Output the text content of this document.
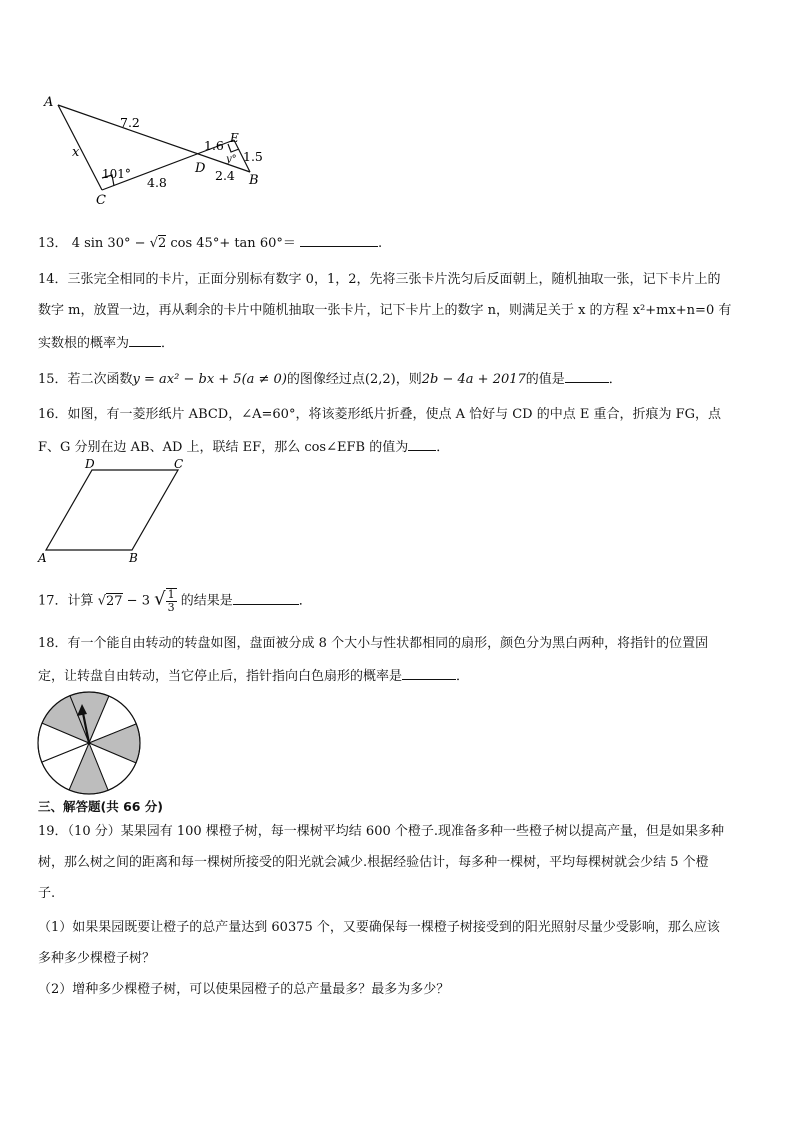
A
C
D
E
B
x
7.2
101°
4.8
1.6
2.4
1.5
y°
13． 4 sin 30° − √2 cos 45°+ tan 60°＝	.
14．三张完全相同的卡片，正面分别标有数字 0，1，2，先将三张卡片洗匀后反面朝上，随机抽取一张，记下卡片上的
数字 m，放置一边，再从剩余的卡片中随机抽取一张卡片，记下卡片上的数字 n，则满足关于 x 的方程 x²+mx+n=0 有
实数根的概率为 ．
15．若二次函数y = ax² − bx + 5(a ≠ 0)的图像经过点(2,2)，则2b − 4a + 2017的值是	．
16．如图，有一菱形纸片 ABCD，∠A=60°，将该菱形纸片折叠，使点 A 恰好与 CD 的中点 E 重合，折痕为 FG，点
F、G 分别在边 AB、AD 上，联结 EF，那么 cos∠EFB 的值为 ．
A	B
C
D
17．计算 √27 − 3 √ $\frac{1}{3}$ 的结果是	．
18．有一个能自由转动的转盘如图，盘面被分成 8 个大小与性状都相同的扇形，颜色分为黑白两种，将指针的位置固
定，让转盘自由转动，当它停止后，指针指向白色扇形的概率是	．
三、解答题(共 66 分)
19．（10 分）某果园有 100 棵橙子树，每一棵树平均结 600 个橙子.现准备多种一些橙子树以提高产量，但是如果多种
树，那么树之间的距离和每一棵树所接受的阳光就会减少.根据经验估计，每多种一棵树，平均每棵树就会少结 5 个橙
子.
（1）如果果园既要让橙子的总产量达到 60375 个，又要确保每一棵橙子树接受到的阳光照射尽量少受影响，那么应该
多种多少棵橙子树？
（2）增种多少棵橙子树，可以使果园橙子的总产量最多？最多为多少？
